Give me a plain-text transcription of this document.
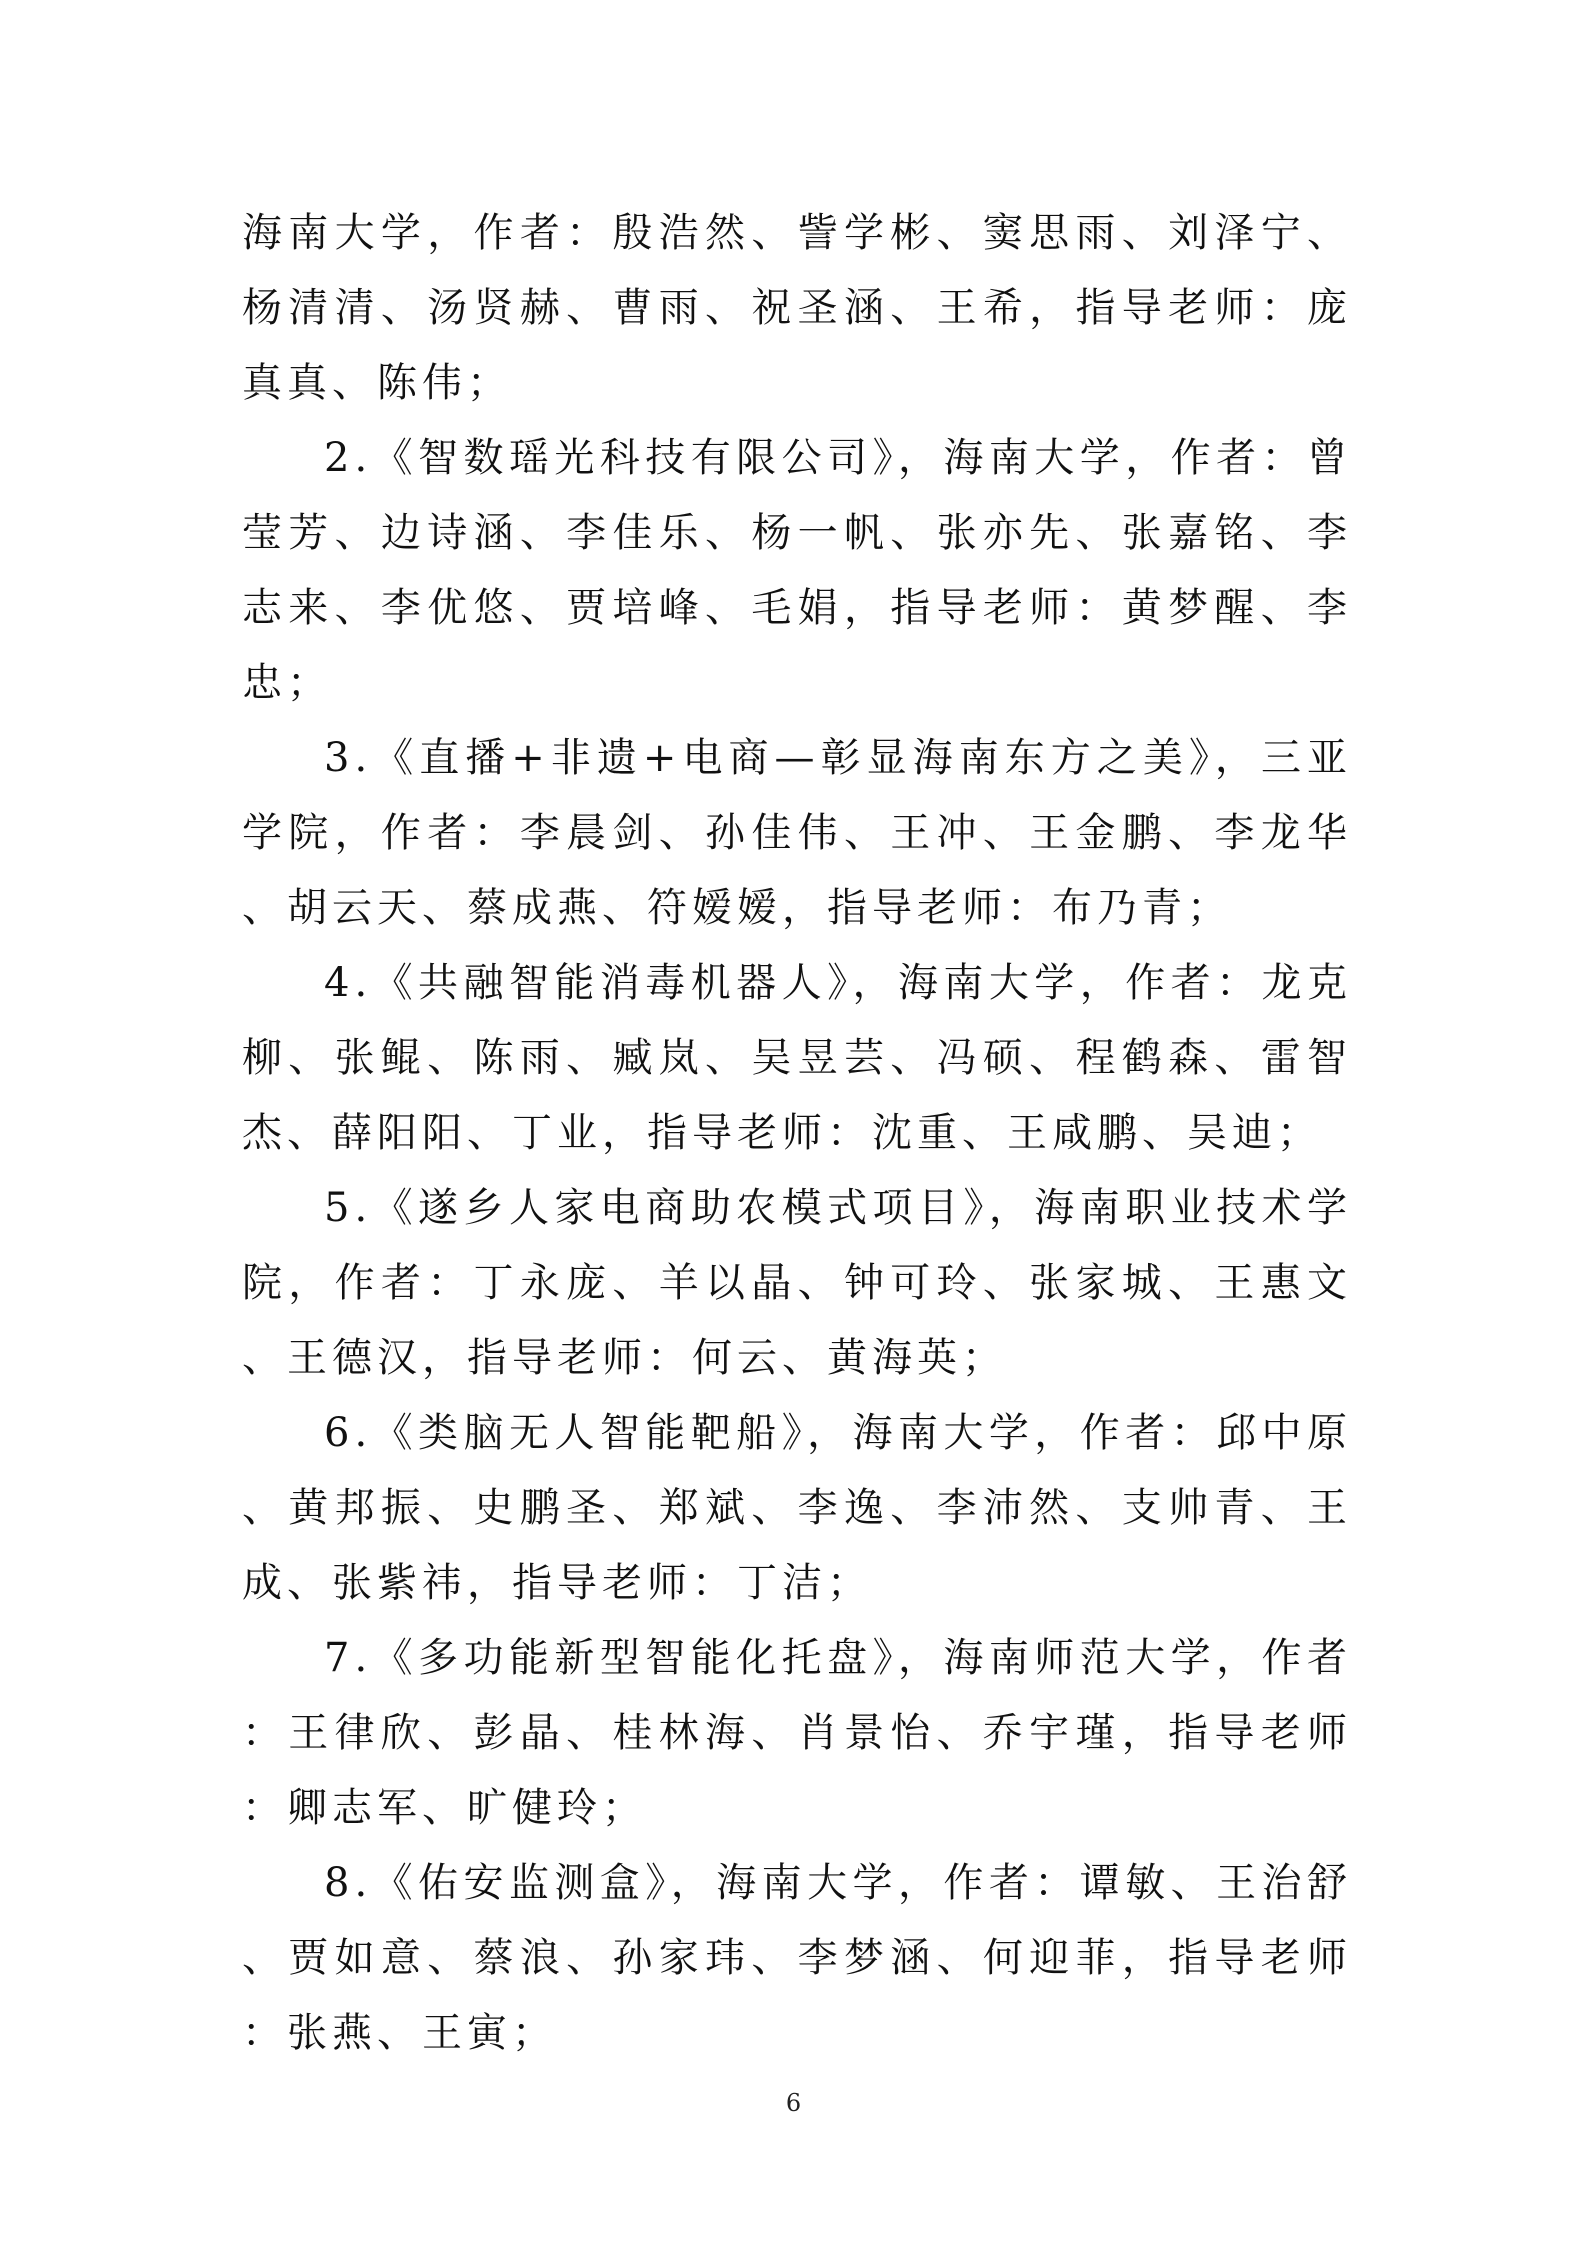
海南大学，作者：殷浩然、訾学彬、窦思雨、刘泽宁、杨清清、汤贤赫、曹雨、祝圣涵、王希，指导老师：庞真真、陈伟；

2.《智数瑶光科技有限公司》，海南大学，作者：曾莹芳、边诗涵、李佳乐、杨一帆、张亦先、张嘉铭、李志来、李优悠、贾培峰、毛娟，指导老师：黄梦醒、李忠；

3.《直播+非遗+电商—彰显海南东方之美》，三亚学院，作者：李晨剑、孙佳伟、王冲、王金鹏、李龙华、胡云天、蔡成燕、符嫒嫒，指导老师：布乃青；

4.《共融智能消毒机器人》，海南大学，作者：龙克柳、张鲲、陈雨、臧岚、吴昱芸、冯硕、程鹤森、雷智杰、薛阳阳、丁业，指导老师：沈重、王咸鹏、吴迪；

5.《遂乡人家电商助农模式项目》，海南职业技术学院，作者：丁永庞、羊以晶、钟可玲、张家城、王惠文、王德汉，指导老师：何云、黄海英；

6.《类脑无人智能靶船》，海南大学，作者：邱中原、黄邦振、史鹏圣、郑斌、李逸、李沛然、支帅青、王成、张紫祎，指导老师：丁洁；

7.《多功能新型智能化托盘》，海南师范大学，作者：王律欣、彭晶、桂林海、肖景怡、乔宇瑾，指导老师：卿志军、旷健玲；

8.《佑安监测盒》，海南大学，作者：谭敏、王治舒、贾如意、蔡浪、孙家玮、李梦涵、何迎菲，指导老师：张燕、王寅；

6
